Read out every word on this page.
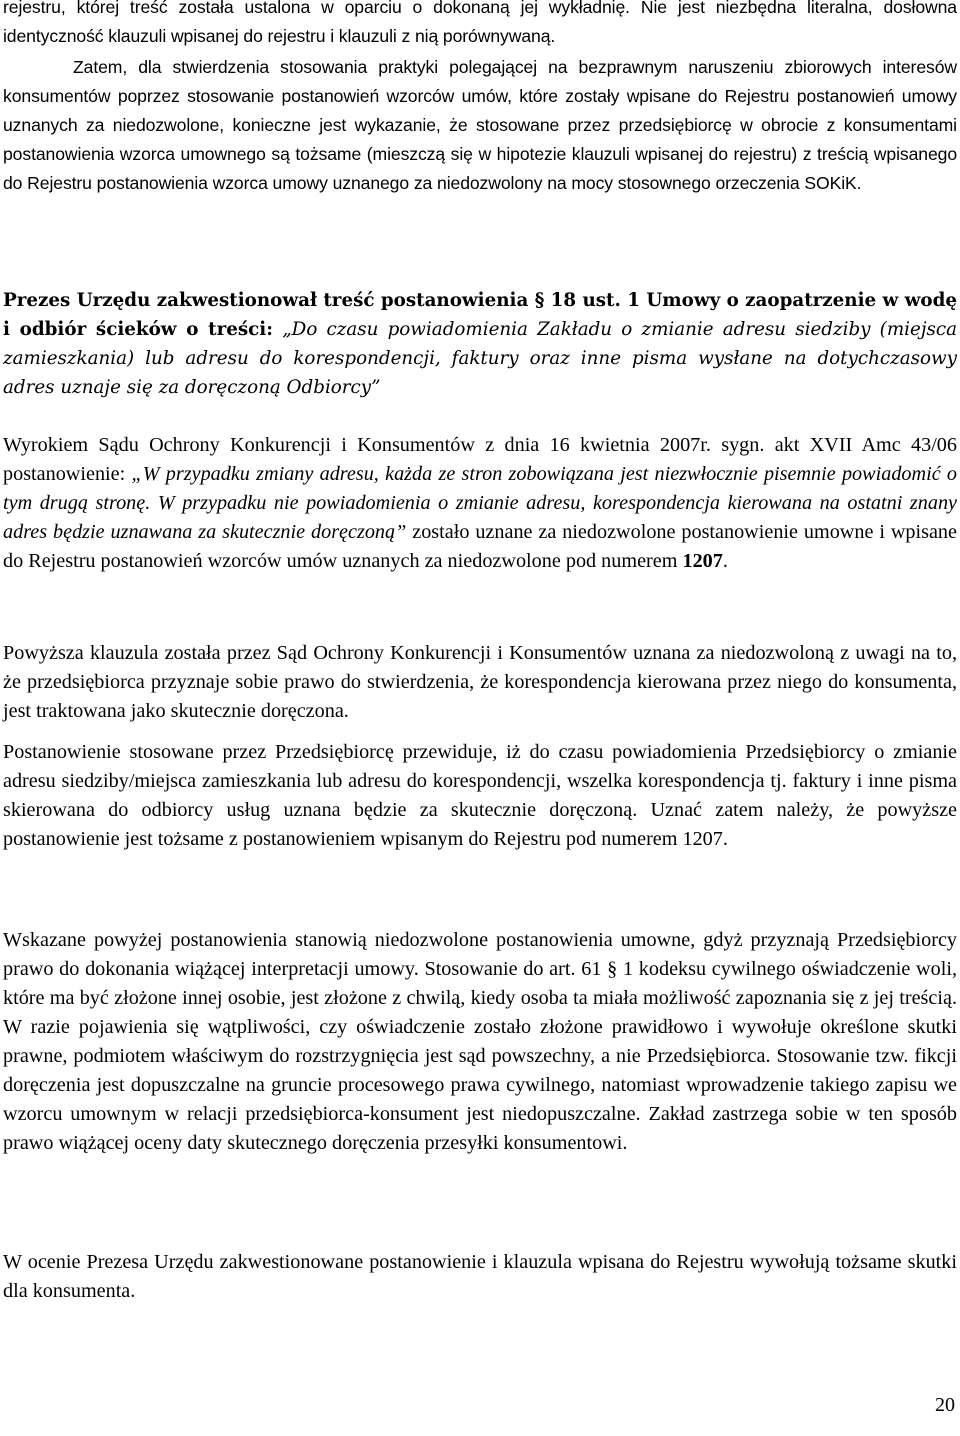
rejestru, której treść została ustalona w oparciu o dokonaną jej wykładnię. Nie jest niezbędna literalna, dosłowna identyczność klauzuli wpisanej do rejestru i klauzuli z nią porównywaną.

Zatem, dla stwierdzenia stosowania praktyki polegającej na bezprawnym naruszeniu zbiorowych interesów konsumentów poprzez stosowanie postanowień wzorców umów, które zostały wpisane do Rejestru postanowień umowy uznanych za niedozwolone, konieczne jest wykazanie, że stosowane przez przedsiębiorcę w obrocie z konsumentami postanowienia wzorca umownego są tożsame (mieszczą się w hipotezie klauzuli wpisanej do rejestru) z treścią wpisanego do Rejestru postanowienia wzorca umowy uznanego za niedozwolony na mocy stosownego orzeczenia SOKiK.

Prezes Urzędu zakwestionował treść postanowienia § 18 ust. 1 Umowy o zaopatrzenie w wodę i odbiór ścieków o treści: „Do czasu powiadomienia Zakładu o zmianie adresu siedziby (miejsca zamieszkania) lub adresu do korespondencji, faktury oraz inne pisma wysłane na dotychczasowy adres uznaje się za doręczoną Odbiorcy”

Wyrokiem Sądu Ochrony Konkurencji i Konsumentów z dnia 16 kwietnia 2007r. sygn. akt XVII Amc 43/06 postanowienie: „W przypadku zmiany adresu, każda ze stron zobowiązana jest niezwłocznie pisemnie powiadomić o tym drugą stronę. W przypadku nie powiadomienia o zmianie adresu, korespondencja kierowana na ostatni znany adres będzie uznawana za skutecznie doręczoną” zostało uznane za niedozwolone postanowienie umowne i wpisane do Rejestru postanowień wzorców umów uznanych za niedozwolone pod numerem 1207.

Powyższa klauzula została przez Sąd Ochrony Konkurencji i Konsumentów uznana za niedozwoloną z uwagi na to, że przedsiębiorca przyznaje sobie prawo do stwierdzenia, że korespondencja kierowana przez niego do konsumenta, jest traktowana jako skutecznie doręczona.

Postanowienie stosowane przez Przedsiębiorcę przewiduje, iż do czasu powiadomienia Przedsiębiorcy o zmianie adresu siedziby/miejsca zamieszkania lub adresu do korespondencji, wszelka korespondencja tj. faktury i inne pisma skierowana do odbiorcy usług uznana będzie za skutecznie doręczoną. Uznać zatem należy, że powyższe postanowienie jest tożsame z postanowieniem wpisanym do Rejestru pod numerem 1207.

Wskazane powyżej postanowienia stanowią niedozwolone postanowienia umowne, gdyż przyznają Przedsiębiorcy prawo do dokonania wiążącej interpretacji umowy. Stosowanie do art. 61 § 1 kodeksu cywilnego oświadczenie woli, które ma być złożone innej osobie, jest złożone z chwilą, kiedy osoba ta miała możliwość zapoznania się z jej treścią. W razie pojawienia się wątpliwości, czy oświadczenie zostało złożone prawidłowo i wywołuje określone skutki prawne, podmiotem właściwym do rozstrzygnięcia jest sąd powszechny, a nie Przedsiębiorca. Stosowanie tzw. fikcji doręczenia jest dopuszczalne na gruncie procesowego prawa cywilnego, natomiast wprowadzenie takiego zapisu we wzorcu umownym w relacji przedsiębiorca-konsument jest niedopuszczalne. Zakład zastrzega sobie w ten sposób prawo wiążącej oceny daty skutecznego doręczenia przesyłki konsumentowi.

W ocenie Prezesa Urzędu zakwestionowane postanowienie i klauzula wpisana do Rejestru wywołują tożsame skutki dla konsumenta.

20
